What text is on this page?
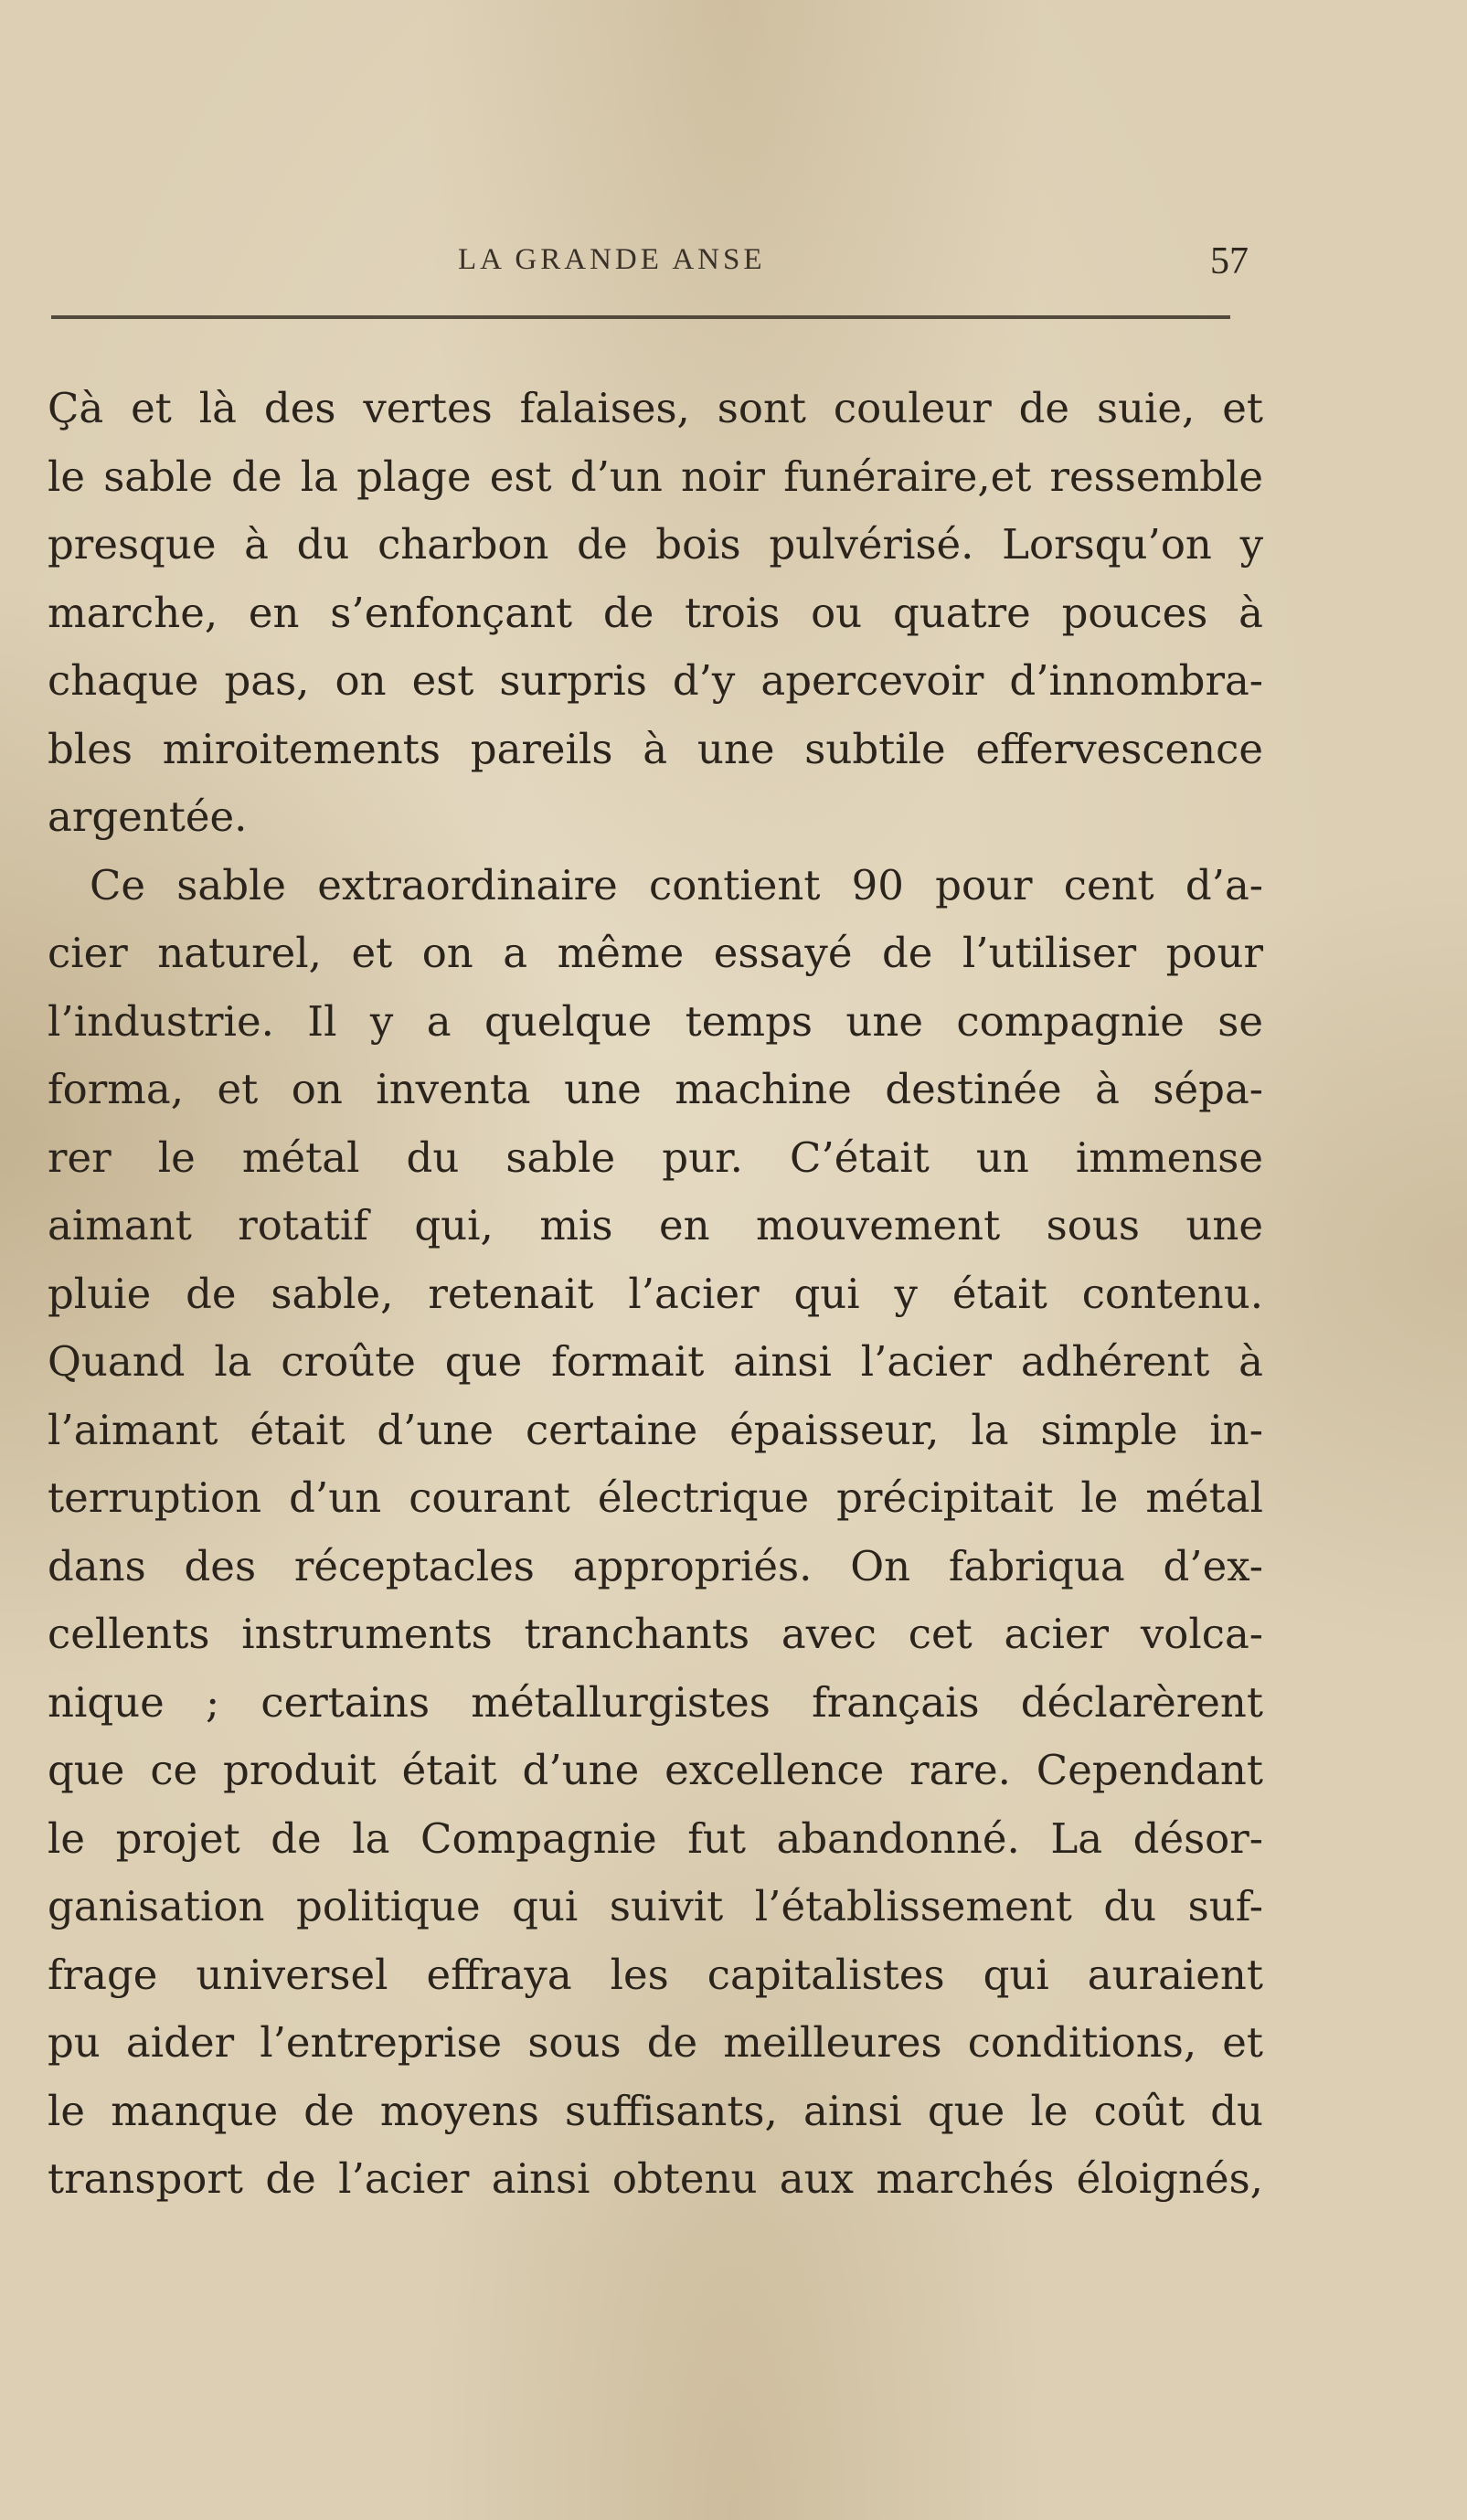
LA GRANDE ANSE	57
Çà et là des vertes falaises, sont couleur de suie, et
le sable de la plage est d’un noir funéraire,et ressemble
presque à du charbon de bois pulvérisé. Lorsqu’on y
marche, en s’enfonçant de trois ou quatre pouces à
chaque pas, on est surpris d’y apercevoir d’innombra-
bles miroitements pareils à une subtile effervescence
argentée.
Ce sable extraordinaire contient 90 pour cent d’a-
cier naturel, et on a même essayé de l’utiliser pour
l’industrie. Il y a quelque temps une compagnie se
forma, et on inventa une machine destinée à sépa-
rer le métal du sable pur. C’était un immense
aimant rotatif qui, mis en mouvement sous une
pluie de sable, retenait l’acier qui y était contenu.
Quand la croûte que formait ainsi l’acier adhérent à
l’aimant était d’une certaine épaisseur, la simple in-
terruption d’un courant électrique précipitait le métal
dans des réceptacles appropriés. On fabriqua d’ex-
cellents instruments tranchants avec cet acier volca-
nique ; certains métallurgistes français déclarèrent
que ce produit était d’une excellence rare. Cependant
le projet de la Compagnie fut abandonné. La désor-
ganisation politique qui suivit l’établissement du suf-
frage universel effraya les capitalistes qui auraient
pu aider l’entreprise sous de meilleures conditions, et
le manque de moyens suffisants, ainsi que le coût du
transport de l’acier ainsi obtenu aux marchés éloignés,
